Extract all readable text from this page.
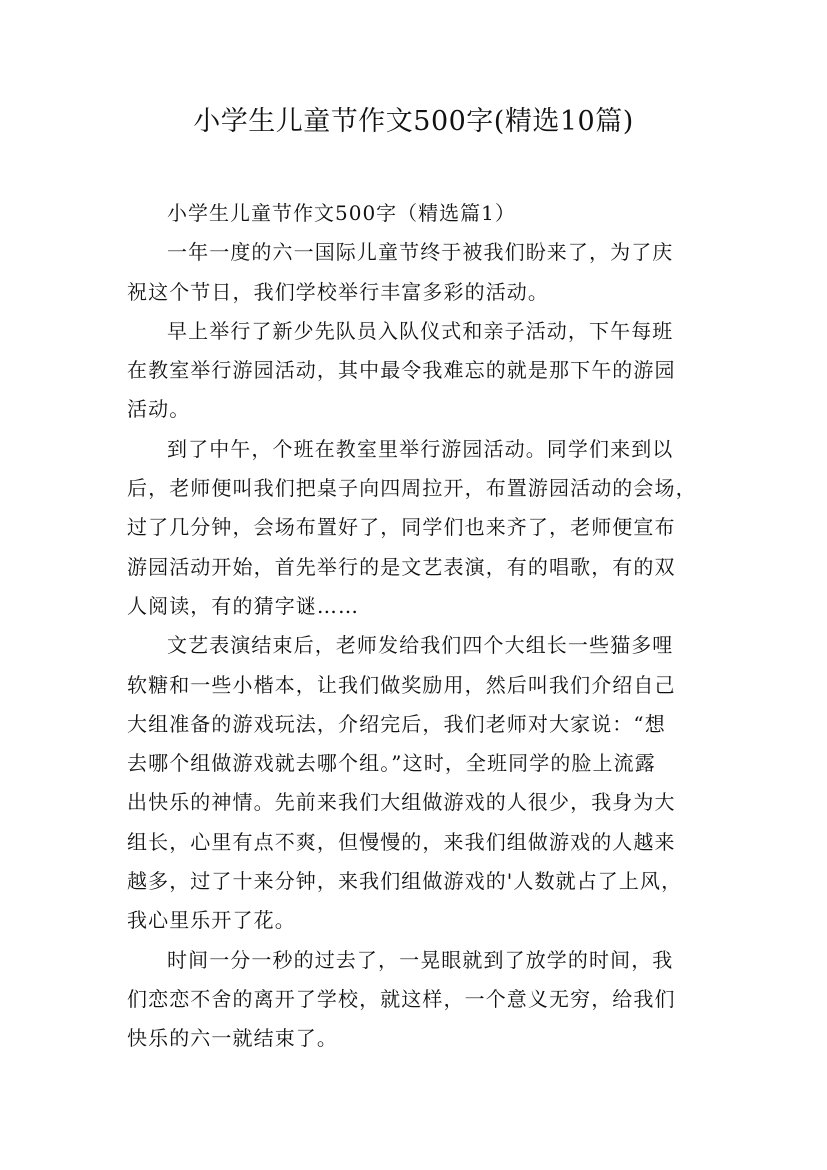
小学生儿童节作文500字(精选10篇)

小学生儿童节作文500字（精选篇1）

一年一度的六一国际儿童节终于被我们盼来了，为了庆
祝这个节日，我们学校举行丰富多彩的活动。

早上举行了新少先队员入队仪式和亲子活动，下午每班
在教室举行游园活动，其中最令我难忘的就是那下午的游园
活动。

到了中午，个班在教室里举行游园活动。同学们来到以
后，老师便叫我们把桌子向四周拉开，布置游园活动的会场，
过了几分钟，会场布置好了，同学们也来齐了，老师便宣布
游园活动开始，首先举行的是文艺表演，有的唱歌，有的双
人阅读，有的猜字谜……

文艺表演结束后，老师发给我们四个大组长一些猫多哩
软糖和一些小楷本，让我们做奖励用，然后叫我们介绍自己
大组准备的游戏玩法，介绍完后，我们老师对大家说：“想
去哪个组做游戏就去哪个组。”这时，全班同学的脸上流露
出快乐的神情。先前来我们大组做游戏的人很少，我身为大
组长，心里有点不爽，但慢慢的，来我们组做游戏的人越来
越多，过了十来分钟，来我们组做游戏的'人数就占了上风，
我心里乐开了花。

时间一分一秒的过去了，一晃眼就到了放学的时间，我
们恋恋不舍的离开了学校，就这样，一个意义无穷，给我们
快乐的六一就结束了。
